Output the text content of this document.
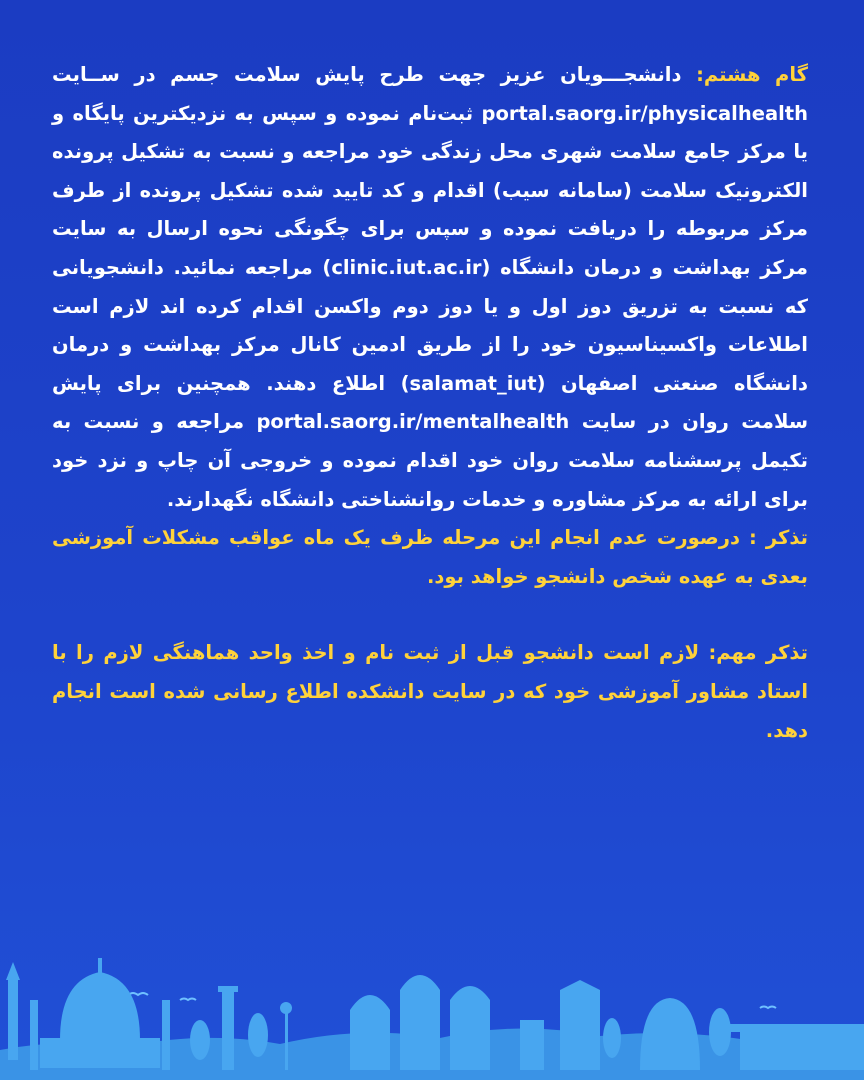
گام هشتم: دانشجـــویان عزیز جهت طرح پایش سلامت جسم در ســایت portal.saorg.ir/physicalhealth ثبت‌نام نموده و سپس به نزدیکترین پایگاه و یا مرکز جامع سلامت شهری محل زندگی خود مراجعه و نسبت به تشکیل پرونده الکترونیک سلامت (سامانه سیب) اقدام و کد تایید شده تشکیل پرونده از طرف مرکز مربوطه را دریافت نموده و سپس برای چگونگی نحوه ارسال به سایت مرکز بهداشت و درمان دانشگاه (clinic.iut.ac.ir) مراجعه نمائید. دانشجویانی که نسبت به تزریق دوز اول و یا دوز دوم واکسن اقدام کرده اند لازم است اطلاعات واکسیناسیون خود را از طریق ادمین کانال مرکز بهداشت و درمان دانشگاه صنعتی اصفهان (salamat_iut) اطلاع دهند. همچنین برای پایش سلامت روان در سایت portal.saorg.ir/mentalhealth مراجعه و نسبت به تکیمل پرسشنامه سلامت روان خود اقدام نموده و خروجی آن چاپ و نزد خود برای ارائه به مرکز مشاوره و خدمات روانشناختی دانشگاه نگهدارند.

تذکر : درصورت عدم انجام این مرحله ظرف یک ماه عواقب مشکلات آموزشی بعدی به عهده شخص دانشجو خواهد بود.

تذکر مهم: لازم است دانشجو قبل از ثبت نام و اخذ واحد هماهنگی لازم را با استاد مشاور آموزشی خود که در سایت دانشکده اطلاع رسانی شده است انجام دهد.
